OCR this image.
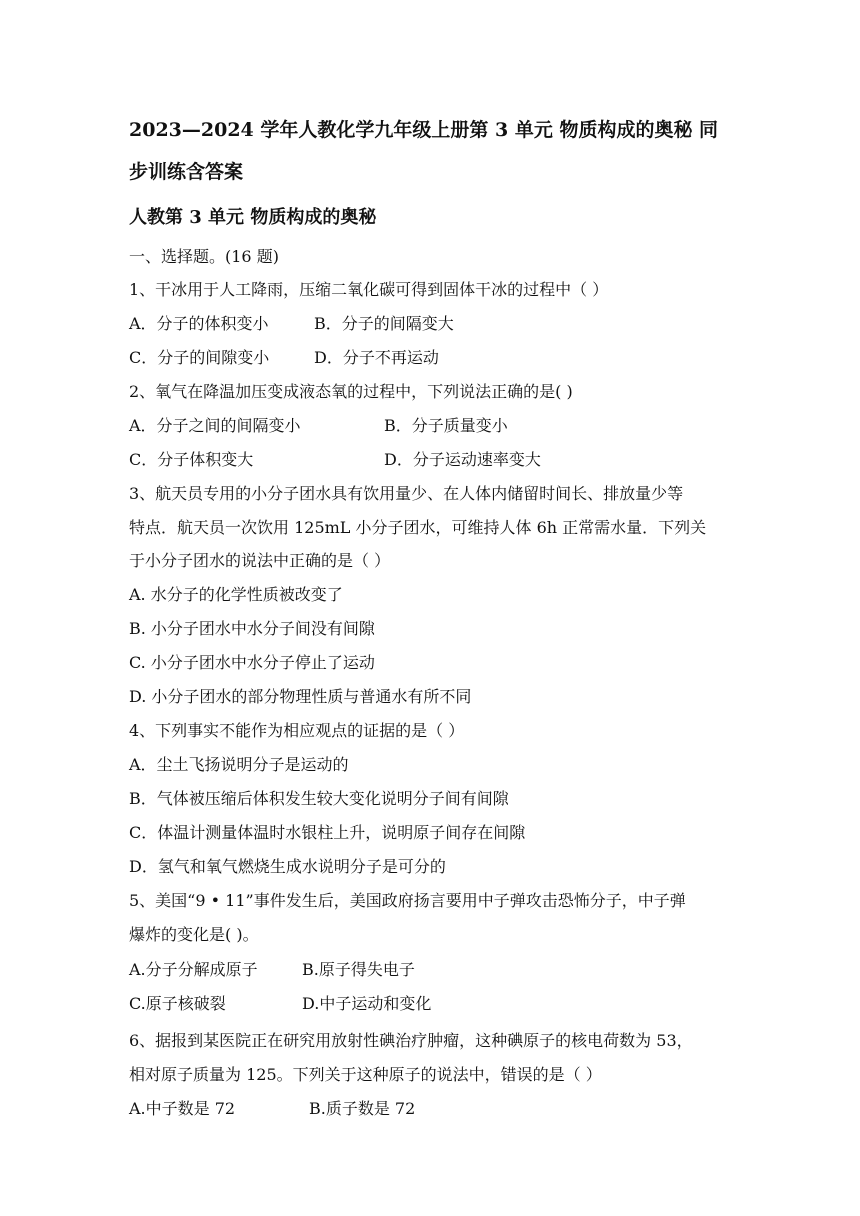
2023—2024 学年人教化学九年级上册第 3 单元 物质构成的奥秘 同
步训练含答案
人教第 3 单元 物质构成的奥秘
一、选择题。(16 题)
1、干冰用于人工降雨，压缩二氧化碳可得到固体干冰的过程中（ ）
A．分子的体积变小	B．分子的间隔变大
C．分子的间隙变小	D．分子不再运动
2、氧气在降温加压变成液态氧的过程中，下列说法正确的是( )
A．分子之间的间隔变小	B．分子质量变小
C．分子体积变大	D．分子运动速率变大
3、航天员专用的小分子团水具有饮用量少、在人体内储留时间长、排放量少等
特点．航天员一次饮用 125mL 小分子团水，可维持人体 6h 正常需水量．下列关
于小分子团水的说法中正确的是（ ）
A. 水分子的化学性质被改变了
B. 小分子团水中水分子间没有间隙
C. 小分子团水中水分子停止了运动
D. 小分子团水的部分物理性质与普通水有所不同
4、下列事实不能作为相应观点的证据的是（ ）
A．尘土飞扬说明分子是运动的
B．气体被压缩后体积发生较大变化说明分子间有间隙
C．体温计测量体温时水银柱上升，说明原子间存在间隙
D．氢气和氧气燃烧生成水说明分子是可分的
5、美国“9 • 11”事件发生后，美国政府扬言要用中子弹攻击恐怖分子，中子弹
爆炸的变化是( )。
A.分子分解成原子	B.原子得失电子
C.原子核破裂	D.中子运动和变化
6、据报到某医院正在研究用放射性碘治疗肿瘤，这种碘原子的核电荷数为 53，
相对原子质量为 125。下列关于这种原子的说法中，错误的是（ ）
A.中子数是 72	B.质子数是 72
